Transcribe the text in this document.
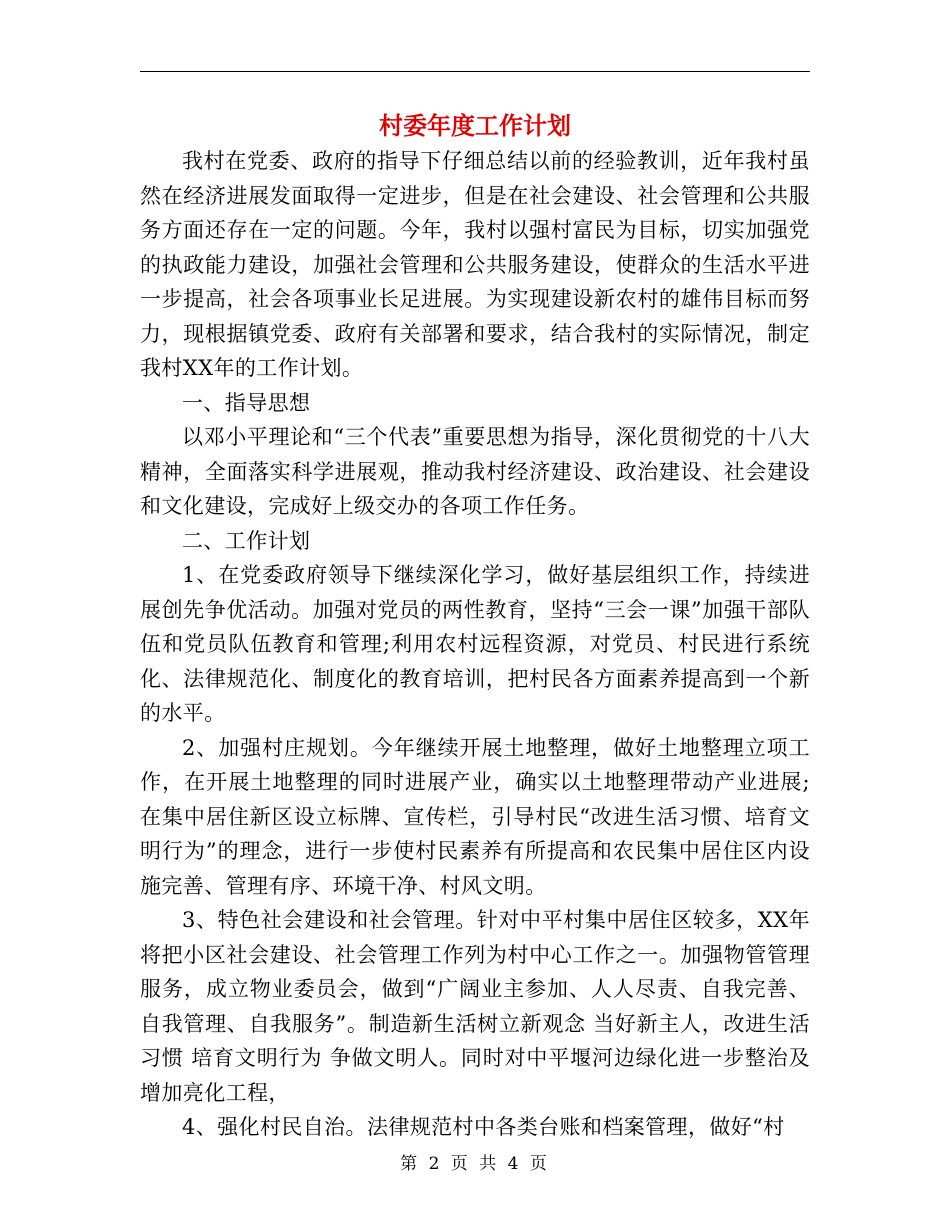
村委年度工作计划

我村在党委、政府的指导下仔细总结以前的经验教训，近年我村虽然在经济进展发面取得一定进步，但是在社会建设、社会管理和公共服务方面还存在一定的问题。今年，我村以强村富民为目标，切实加强党的执政能力建设，加强社会管理和公共服务建设，使群众的生活水平进一步提高，社会各项事业长足进展。为实现建设新农村的雄伟目标而努力，现根据镇党委、政府有关部署和要求，结合我村的实际情况，制定我村XX年的工作计划。

一、指导思想

以邓小平理论和“三个代表”重要思想为指导，深化贯彻党的十八大精神，全面落实科学进展观，推动我村经济建设、政治建设、社会建设和文化建设，完成好上级交办的各项工作任务。

二、工作计划

1、在党委政府领导下继续深化学习，做好基层组织工作，持续进展创先争优活动。加强对党员的两性教育，坚持“三会一课”加强干部队伍和党员队伍教育和管理;利用农村远程资源，对党员、村民进行系统化、法律规范化、制度化的教育培训，把村民各方面素养提高到一个新的水平。

2、加强村庄规划。今年继续开展土地整理，做好土地整理立项工作，在开展土地整理的同时进展产业，确实以土地整理带动产业进展;在集中居住新区设立标牌、宣传栏，引导村民“改进生活习惯、培育文明行为”的理念，进行一步使村民素养有所提高和农民集中居住区内设施完善、管理有序、环境干净、村风文明。

3、特色社会建设和社会管理。针对中平村集中居住区较多，XX年将把小区社会建设、社会管理工作列为村中心工作之一。加强物管管理服务，成立物业委员会，做到“广阔业主参加、人人尽责、自我完善、自我管理、自我服务”。制造新生活树立新观念 当好新主人，改进生活习惯 培育文明行为 争做文明人。同时对中平堰河边绿化进一步整治及增加亮化工程，

4、强化村民自治。法律规范村中各类台账和档案管理，做好“村

第 2 页 共 4 页
